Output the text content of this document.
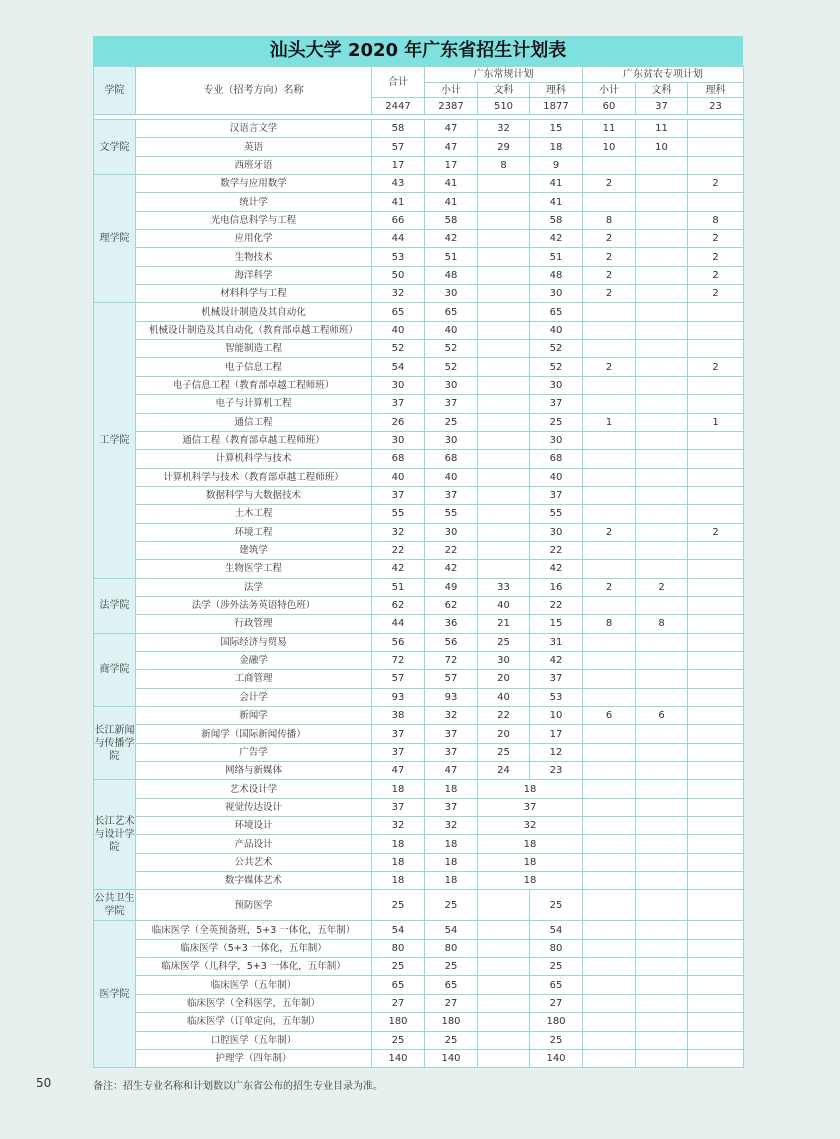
汕头大学 2020 年广东省招生计划表
学院	专业（招考方向）名称	合计	广东常规计划			广东贫农专项计划		
			小计	文科	理科	小计	文科	理科
		2447	2387	510	1877	60	37	23

文学院	汉语言文学	58	47	32	15	11	11	
	英语	57	47	29	18	10	10	
	西班牙语	17	17	8	9			
理学院	数学与应用数学	43	41		41	2		2
	统计学	41	41		41			
	光电信息科学与工程	66	58		58	8		8
	应用化学	44	42		42	2		2
	生物技术	53	51		51	2		2
	海洋科学	50	48		48	2		2
	材料科学与工程	32	30		30	2		2
工学院	机械设计制造及其自动化	65	65		65			
	机械设计制造及其自动化（教育部卓越工程师班）	40	40		40			
	智能制造工程	52	52		52			
	电子信息工程	54	52		52	2		2
	电子信息工程（教育部卓越工程师班）	30	30		30			
	电子与计算机工程	37	37		37			
	通信工程	26	25		25	1		1
	通信工程（教育部卓越工程师班）	30	30		30			
	计算机科学与技术	68	68		68			
	计算机科学与技术（教育部卓越工程师班）	40	40		40			
	数据科学与大数据技术	37	37		37			
	土木工程	55	55		55			
	环境工程	32	30		30	2		2
	建筑学	22	22		22			
	生物医学工程	42	42		42			
法学院	法学	51	49	33	16	2	2	
	法学（涉外法务英语特色班）	62	62	40	22			
	行政管理	44	36	21	15	8	8	
商学院	国际经济与贸易	56	56	25	31			
	金融学	72	72	30	42			
	工商管理	57	57	20	37			
	会计学	93	93	40	53			
长江新闻与传播学院	新闻学	38	32	22	10	6	6	
	新闻学（国际新闻传播）	37	37	20	17			
	广告学	37	37	25	12			
	网络与新媒体	47	47	24	23			
长江艺术与设计学院	艺术设计学	18	18	18				
	视觉传达设计	37	37	37				
	环境设计	32	32	32				
	产品设计	18	18	18				
	公共艺术	18	18	18				
	数字媒体艺术	18	18	18				
公共卫生学院	预防医学	25	25		25			
医学院	临床医学（全英预备班，5+3 一体化，五年制）	54	54		54			
	临床医学（5+3 一体化，五年制）	80	80		80			
	临床医学（儿科学，5+3 一体化，五年制）	25	25		25			
	临床医学（五年制）	65	65		65			
	临床医学（全科医学，五年制）	27	27		27			
	临床医学（订单定向，五年制）	180	180		180			
	口腔医学（五年制）	25	25		25			
	护理学（四年制）	140	140		140			
50	备注：招生专业名称和计划数以广东省公布的招生专业目录为准。
